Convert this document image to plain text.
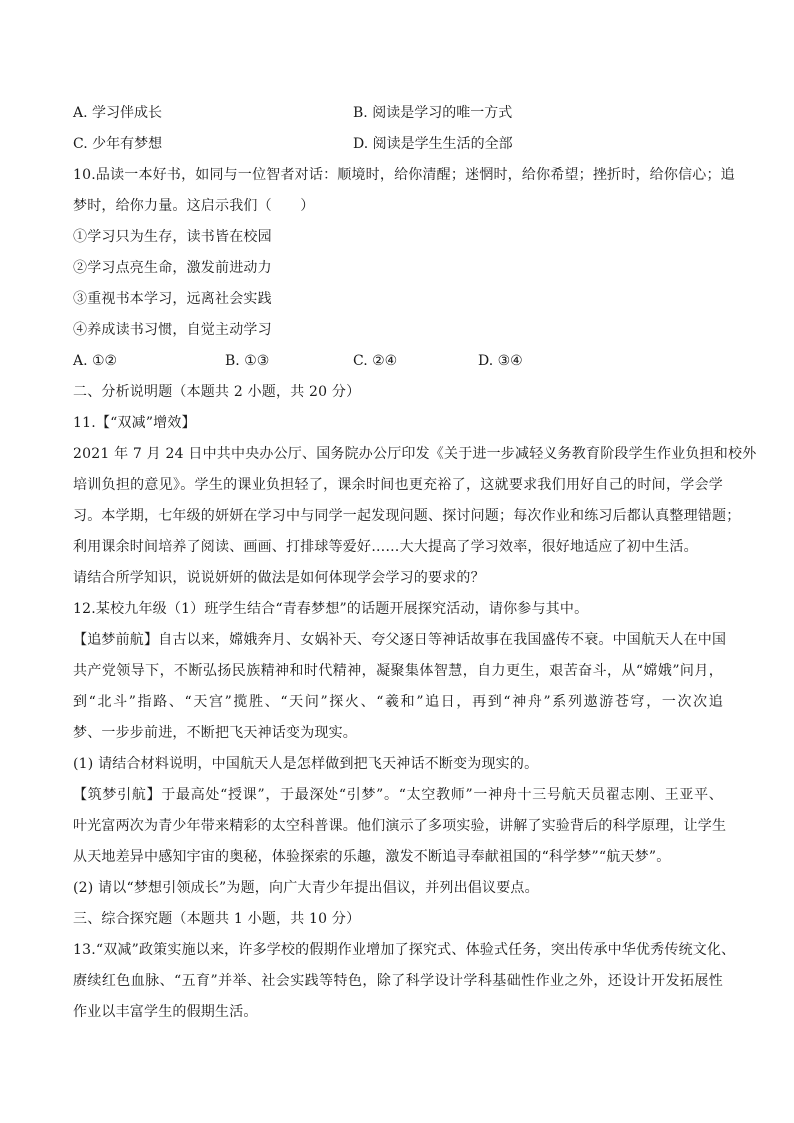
A. 学习伴成长	B. 阅读是学习的唯一方式
C. 少年有梦想	D. 阅读是学生生活的全部
10.品读一本好书，如同与一位智者对话：顺境时，给你清醒；迷惘时，给你希望；挫折时，给你信心；追
梦时，给你力量。这启示我们（　　）
①学习只为生存，读书皆在校园
②学习点亮生命，激发前进动力
③重视书本学习，远离社会实践
④养成读书习惯，自觉主动学习
A. ①②	B. ①③	C. ②④	D. ③④
二、分析说明题（本题共 2 小题，共 20 分）
11.【“双减”增效】
2021 年 7 月 24 日中共中央办公厅、国务院办公厅印发《关于进一步减轻义务教育阶段学生作业负担和校外
培训负担的意见》。学生的课业负担轻了，课余时间也更充裕了，这就要求我们用好自己的时间，学会学
习。本学期，七年级的妍妍在学习中与同学一起发现问题、探讨问题；每次作业和练习后都认真整理错题；
利用课余时间培养了阅读、画画、打排球等爱好……大大提高了学习效率，很好地适应了初中生活。
请结合所学知识，说说妍妍的做法是如何体现学会学习的要求的？
12.某校九年级（1）班学生结合“青春梦想”的话题开展探究活动，请你参与其中。
【追梦前航】自古以来，嫦娥奔月、女娲补天、夸父逐日等神话故事在我国盛传不衰。中国航天人在中国
共产党领导下，不断弘扬民族精神和时代精神，凝聚集体智慧，自力更生，艰苦奋斗，从“嫦娥”问月，
到“北斗”指路、“天宫”揽胜、“天问”探火、“羲和”追日，再到“神舟”系列遨游苍穹，一次次追
梦、一步步前进，不断把飞天神话变为现实。
(1) 请结合材料说明，中国航天人是怎样做到把飞天神话不断变为现实的。
【筑梦引航】于最高处“授课”，于最深处“引梦”。“太空教师”一神舟十三号航天员翟志刚、王亚平、
叶光富两次为青少年带来精彩的太空科普课。他们演示了多项实验，讲解了实验背后的科学原理，让学生
从天地差异中感知宇宙的奥秘，体验探索的乐趣，激发不断追寻奉献祖国的“科学梦”“航天梦”。
(2) 请以“梦想引领成长”为题，向广大青少年提出倡议，并列出倡议要点。
三、综合探究题（本题共 1 小题，共 10 分）
13.“双减”政策实施以来，许多学校的假期作业增加了探究式、体验式任务，突出传承中华优秀传统文化、
赓续红色血脉、“五育”并举、社会实践等特色，除了科学设计学科基础性作业之外，还设计开发拓展性
作业以丰富学生的假期生活。
